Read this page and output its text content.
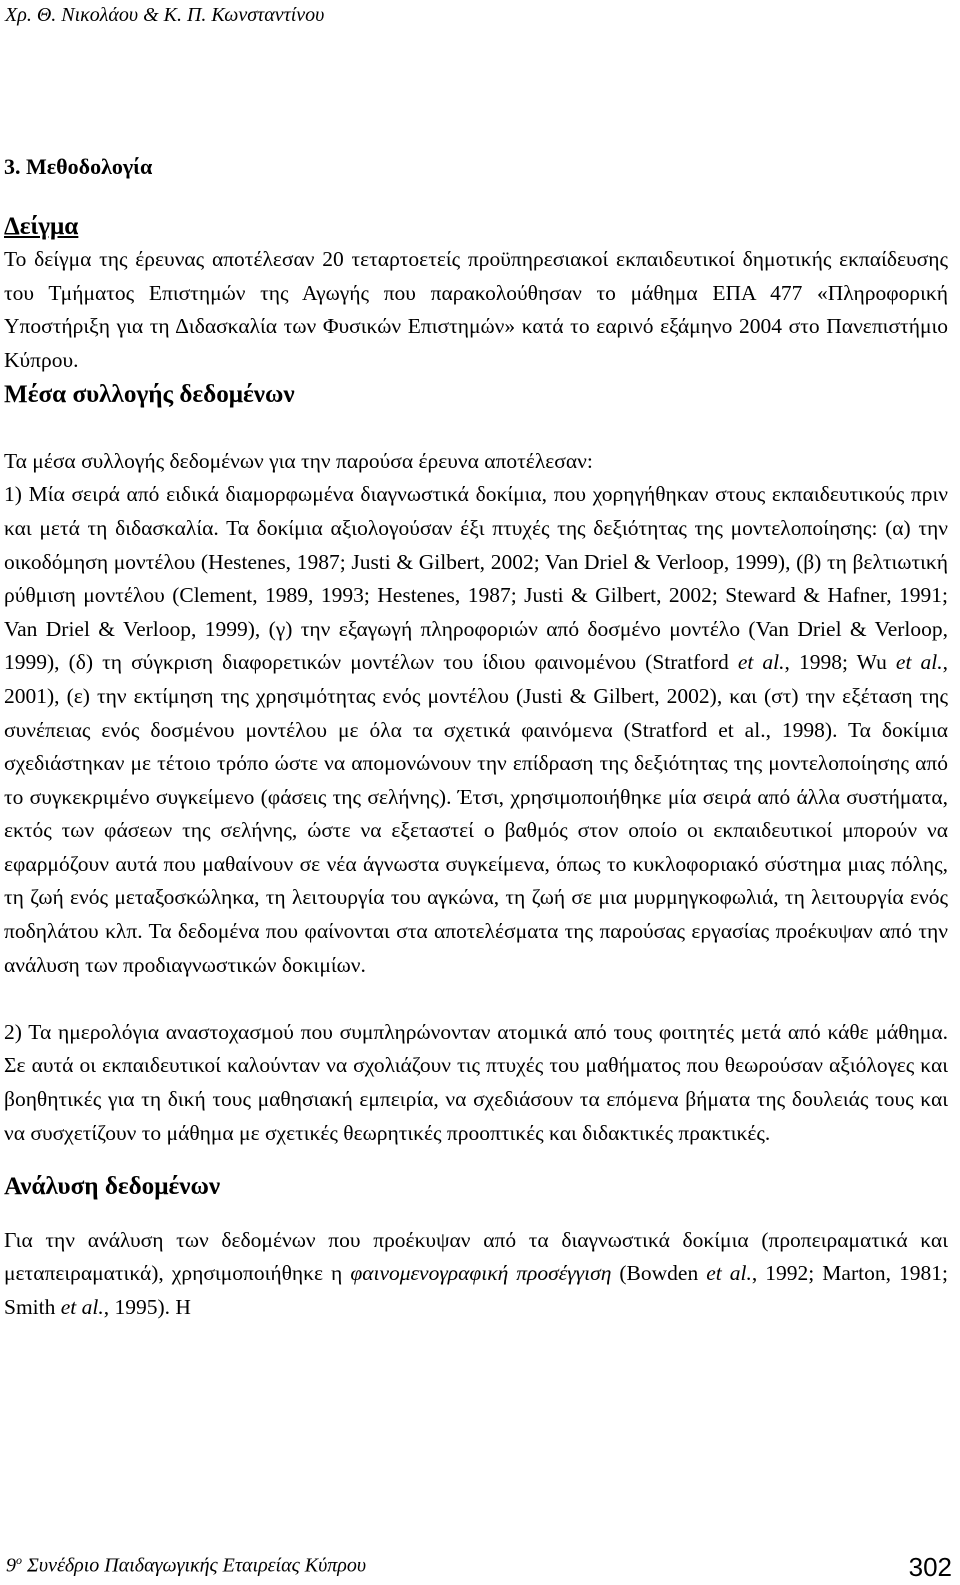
Χρ. Θ. Νικολάου & Κ. Π. Κωνσταντίνου
3. Μεθοδολογία
Δείγμα

Το δείγμα της έρευνας αποτέλεσαν 20 τεταρτοετείς προϋπηρεσιακοί εκπαιδευτικοί δημοτικής εκπαίδευσης του Τμήματος Επιστημών της Αγωγής που παρακολούθησαν το μάθημα ΕΠΑ 477 «Πληροφορική Υποστήριξη για τη Διδασκαλία των Φυσικών Επιστημών» κατά το εαρινό εξάμηνο 2004 στο Πανεπιστήμιο Κύπρου.

Μέσα συλλογής δεδομένων

Τα μέσα συλλογής δεδομένων για την παρούσα έρευνα αποτέλεσαν:

1) Μία σειρά από ειδικά διαμορφωμένα διαγνωστικά δοκίμια, που χορηγήθηκαν στους εκπαιδευτικούς πριν και μετά τη διδασκαλία. Τα δοκίμια αξιολογούσαν έξι πτυχές της δεξιότητας της μοντελοποίησης: (α) την οικοδόμηση μοντέλου (Hestenes, 1987; Justi & Gilbert, 2002; Van Driel & Verloop, 1999), (β) τη βελτιωτική ρύθμιση μοντέλου (Clement, 1989, 1993; Hestenes, 1987; Justi & Gilbert, 2002; Steward & Hafner, 1991; Van Driel & Verloop, 1999), (γ) την εξαγωγή πληροφοριών από δοσμένο μοντέλο (Van Driel & Verloop, 1999), (δ) τη σύγκριση διαφορετικών μοντέλων του ίδιου φαινομένου (Stratford et al., 1998; Wu et al., 2001), (ε) την εκτίμηση της χρησιμότητας ενός μοντέλου (Justi & Gilbert, 2002), και (στ) την εξέταση της συνέπειας ενός δοσμένου μοντέλου με όλα τα σχετικά φαινόμενα (Stratford et al., 1998). Τα δοκίμια σχεδιάστηκαν με τέτοιο τρόπο ώστε να απομονώνουν την επίδραση της δεξιότητας της μοντελοποίησης από το συγκεκριμένο συγκείμενο (φάσεις της σελήνης). Έτσι, χρησιμοποιήθηκε μία σειρά από άλλα συστήματα, εκτός των φάσεων της σελήνης, ώστε να εξεταστεί ο βαθμός στον οποίο οι εκπαιδευτικοί μπορούν να εφαρμόζουν αυτά που μαθαίνουν σε νέα άγνωστα συγκείμενα, όπως το κυκλοφοριακό σύστημα μιας πόλης, τη ζωή ενός μεταξοσκώληκα, τη λειτουργία του αγκώνα, τη ζωή σε μια μυρμηγκοφωλιά, τη λειτουργία ενός ποδηλάτου κλπ. Τα δεδομένα που φαίνονται στα αποτελέσματα της παρούσας εργασίας προέκυψαν από την ανάλυση των προδιαγνωστικών δοκιμίων.

2) Τα ημερολόγια αναστοχασμού που συμπληρώνονταν ατομικά από τους φοιτητές μετά από κάθε μάθημα. Σε αυτά οι εκπαιδευτικοί καλούνταν να σχολιάζουν τις πτυχές του μαθήματος που θεωρούσαν αξιόλογες και βοηθητικές για τη δική τους μαθησιακή εμπειρία, να σχεδιάσουν τα επόμενα βήματα της δουλειάς τους και να συσχετίζουν το μάθημα με σχετικές θεωρητικές προοπτικές και διδακτικές πρακτικές.

Ανάλυση δεδομένων

Για την ανάλυση των δεδομένων που προέκυψαν από τα διαγνωστικά δοκίμια (προπειραματικά και μεταπειραματικά), χρησιμοποιήθηκε η φαινομενογραφική προσέγγιση (Bowden et al., 1992; Marton, 1981; Smith et al., 1995). Η

$9^o$ Συνέδριο Παιδαγωγικής Εταιρείας Κύπρου	302
